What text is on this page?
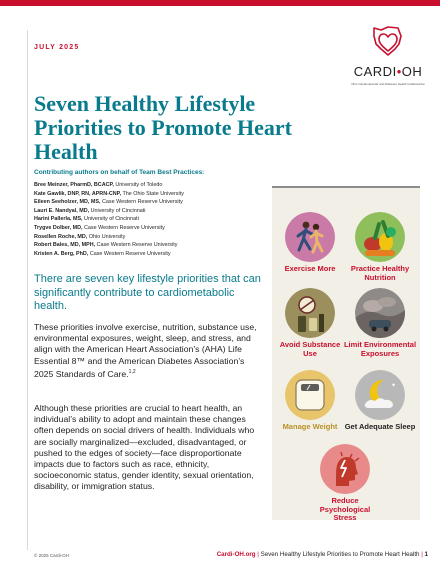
JULY 2025
CARDI•OH
Ohio Cardiovascular and Diabetes Health Collaborative
Seven Healthy Lifestyle Priorities to Promote Heart Health
Contributing authors on behalf of Team Best Practices:
Bree Meinzer, PharmD, BCACP, University of Toledo
Kate Gawlik, DNP, RN, APRN-CNP, The Ohio State University
Eileen Seeholzer, MD, MS, Case Western Reserve University
Lauri E. Nandyal, MD, University of Cincinnati
Harini Pallerla, MS, University of Cincinnati
Trygve Dolber, MD, Case Western Reserve University
Rosellen Roche, MD, Ohio University
Robert Bales, MD, MPH, Case Western Reserve University
Kristen A. Berg, PhD, Case Western Reserve University

There are seven key lifestyle priorities that can significantly contribute to cardiometabolic health.

These priorities involve exercise, nutrition, substance use, environmental exposures, weight, sleep, and stress, and align with the American Heart Association’s (AHA) Life Essential 8™ and the American Diabetes Association’s 2025 Standards of Care.$^{1,2}$

Although these priorities are crucial to heart health, an individual’s ability to adopt and maintain these changes often depends on social drivers of health. Individuals who are socially marginalized—excluded, disadvantaged, or pushed to the edges of society—face disproportionate impacts due to factors such as race, ethnicity, socioeconomic status, gender identity, sexual orientation, disability, or immigration status.

Exercise More	Practice Healthy Nutrition
Avoid Substance Use
Limit Environmental Exposures
Manage Weight
✦
Get Adequate Sleep
Reduce Psychological Stress
© 2025 Cardi-OH	Cardi-OH.org | Seven Healthy Lifestyle Priorities to Promote Heart Health | 1
